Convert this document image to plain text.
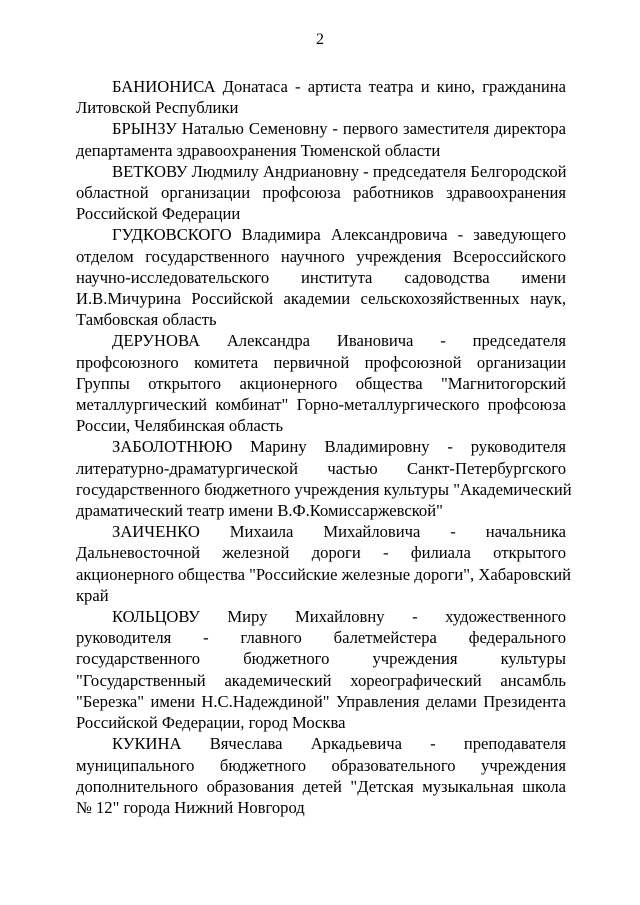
2
БАНИОНИСА Донатаса - артиста театра и кино, гражданина
Литовской Республики
БРЫНЗУ Наталью Семеновну - первого заместителя директора
департамента здравоохранения Тюменской области
ВЕТКОВУ Людмилу Андриановну - председателя Белгородской
областной организации профсоюза работников здравоохранения
Российской Федерации
ГУДКОВСКОГО Владимира Александровича - заведующего
отделом государственного научного учреждения Всероссийского
научно-исследовательского института садоводства имени
И.В.Мичурина Российской академии сельскохозяйственных наук,
Тамбовская область
ДЕРУНОВА Александра Ивановича - председателя
профсоюзного комитета первичной профсоюзной организации
Группы открытого акционерного общества "Магнитогорский
металлургический комбинат" Горно-металлургического профсоюза
России, Челябинская область
ЗАБОЛОТНЮЮ Марину Владимировну - руководителя
литературно-драматургической частью Санкт-Петербургского
государственного бюджетного учреждения культуры "Академический
драматический театр имени В.Ф.Комиссаржевской"
ЗАИЧЕНКО Михаила Михайловича - начальника
Дальневосточной железной дороги - филиала открытого
акционерного общества "Российские железные дороги", Хабаровский
край
КОЛЬЦОВУ Миру Михайловну - художественного
руководителя - главного балетмейстера федерального
государственного бюджетного учреждения культуры
"Государственный академический хореографический ансамбль
"Березка" имени Н.С.Надеждиной" Управления делами Президента
Российской Федерации, город Москва
КУКИНА Вячеслава Аркадьевича - преподавателя
муниципального бюджетного образовательного учреждения
дополнительного образования детей "Детская музыкальная школа
№ 12" города Нижний Новгород
